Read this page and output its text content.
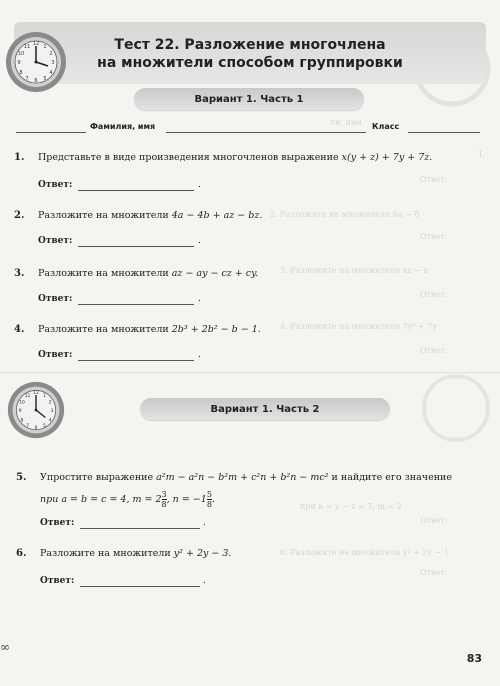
ли, имя
1.
Ответ:
2. Разложите на множители 6а − б
Ответ:
3. Разложите на множители xz − x
Ответ:
4. Разложите на множители 7y³ + 7y
Ответ:
при a = y − z = 7, m = 2
Ответ:
6. Разложите на множители y² + 2y − 1
Ответ:
12
3
6
9
1
2
4
5
7
8
10
11	Тест 22. Разложение многочлена
на множители способом группировки
Вариант 1. Часть 1
Фамилия, имя	Класс
1. Представьте в виде произведения многочленов выражение x(y + z) + 7y + 7z.
Ответ:	.
2. Разложите на множители 4a − 4b + az − bz.
Ответ:	.
3. Разложите на множители az − ay − cz + cy.
Ответ:	.
4. Разложите на множители 2b³ + 2b² − b − 1.
Ответ:	.
12
3
6
9
1
2
4
5
7
8
10
11
Вариант 1. Часть 2
5. Упростите выражение a²m − a²n − b²m + c²n + b²n − mc² и найдите его значение
при a = b = c = 4, $m = 2 \frac{3}{8}$ , $n = -1 \frac{5}{8}$ .
Ответ:	.
6. Разложите на множители y² + 2y − 3.
Ответ:	.
∞
83
